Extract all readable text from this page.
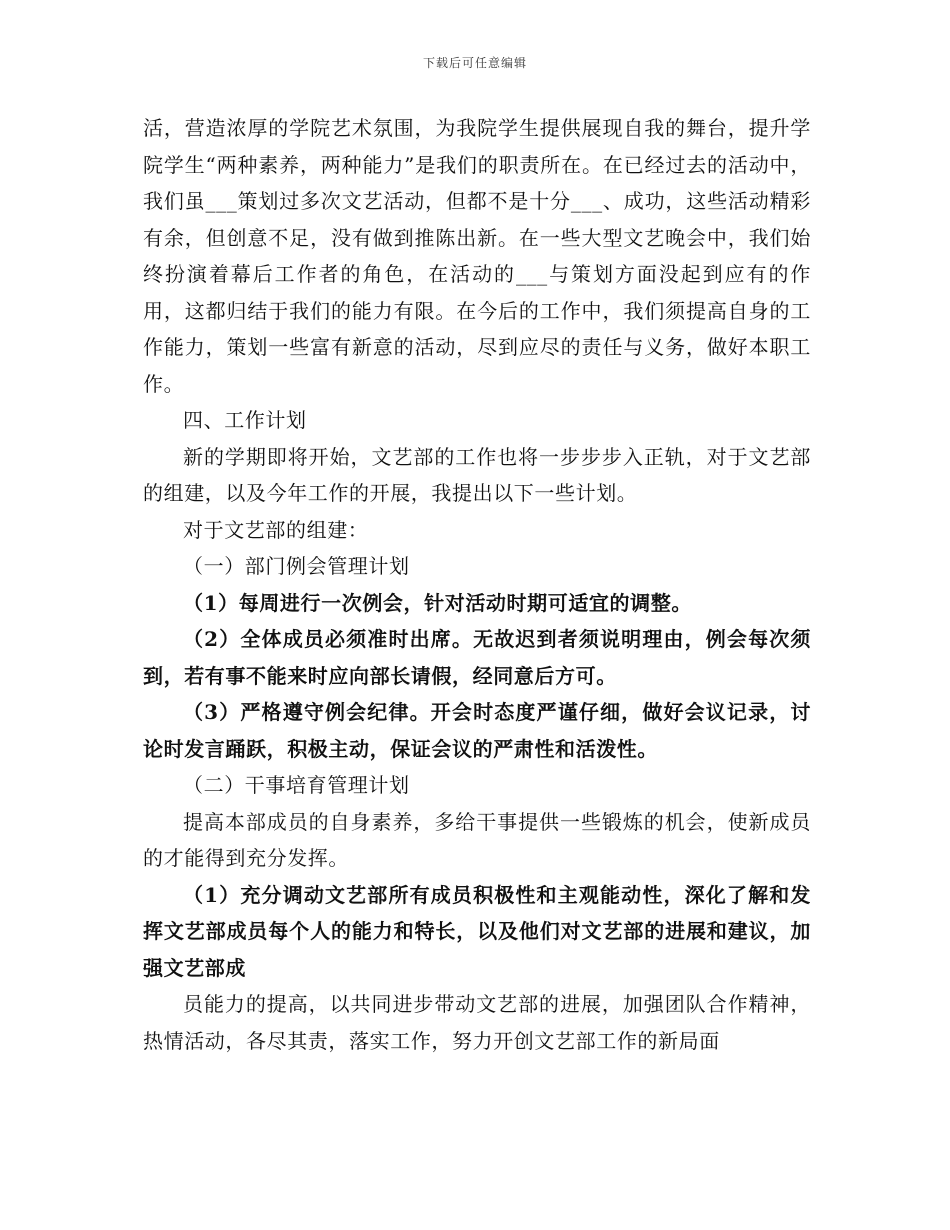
下载后可任意编辑

活，营造浓厚的学院艺术氛围，为我院学生提供展现自我的舞台，提升学院学生“两种素养，两种能力”是我们的职责所在。在已经过去的活动中，我们虽___策划过多次文艺活动，但都不是十分___、成功，这些活动精彩有余，但创意不足，没有做到推陈出新。在一些大型文艺晚会中，我们始终扮演着幕后工作者的角色，在活动的___与策划方面没起到应有的作用，这都归结于我们的能力有限。在今后的工作中，我们须提高自身的工作能力，策划一些富有新意的活动，尽到应尽的责任与义务，做好本职工作。

四、工作计划

新的学期即将开始，文艺部的工作也将一步步步入正轨，对于文艺部的组建，以及今年工作的开展，我提出以下一些计划。

对于文艺部的组建：

（一）部门例会管理计划

（1）每周进行一次例会，针对活动时期可适宜的调整。

（2）全体成员必须准时出席。无故迟到者须说明理由，例会每次须到，若有事不能来时应向部长请假，经同意后方可。

（3）严格遵守例会纪律。开会时态度严谨仔细，做好会议记录，讨论时发言踊跃，积极主动，保证会议的严肃性和活泼性。

（二）干事培育管理计划

提高本部成员的自身素养，多给干事提供一些锻炼的机会，使新成员的才能得到充分发挥。

（1）充分调动文艺部所有成员积极性和主观能动性，深化了解和发挥文艺部成员每个人的能力和特长，以及他们对文艺部的进展和建议，加强文艺部成

员能力的提高，以共同进步带动文艺部的进展，加强团队合作精神，热情活动，各尽其责，落实工作，努力开创文艺部工作的新局面
